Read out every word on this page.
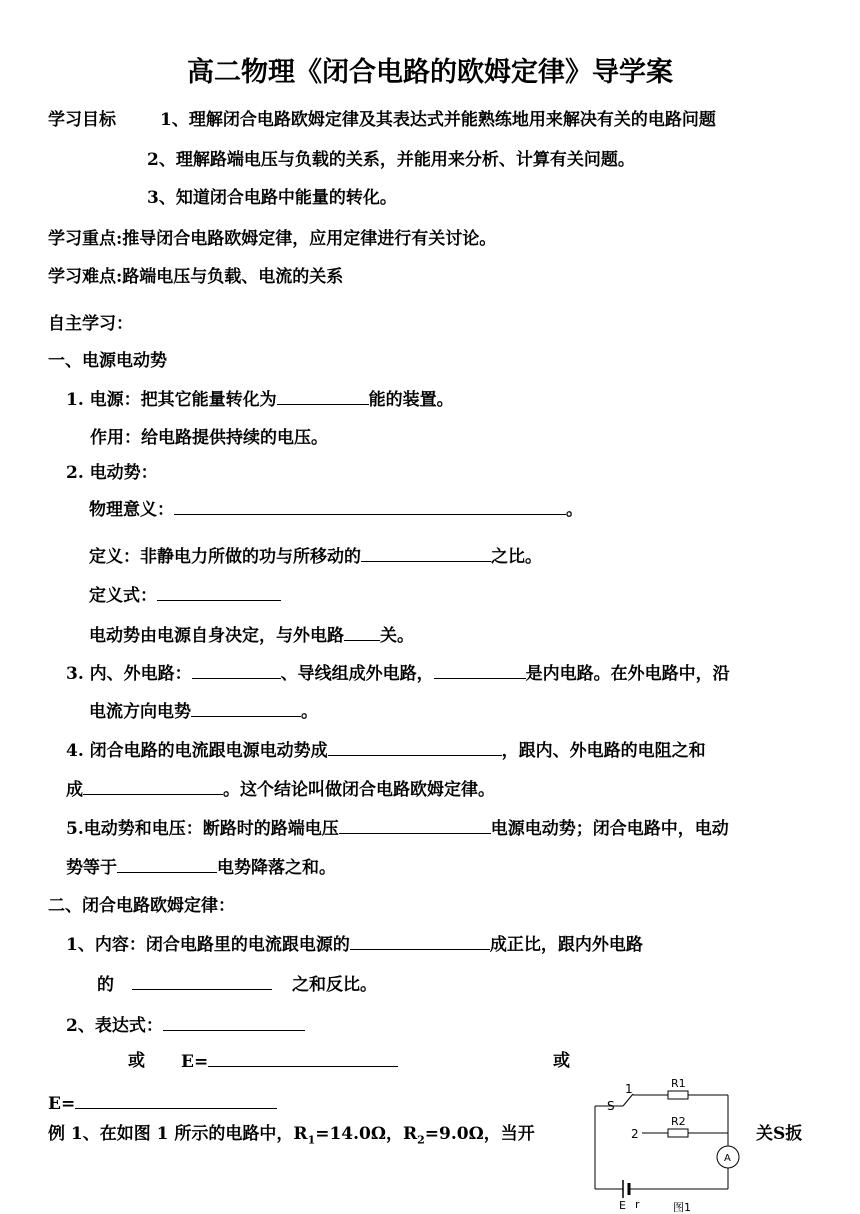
高二物理《闭合电路的欧姆定律》导学案
学习目标	1、理解闭合电路欧姆定律及其表达式并能熟练地用来解决有关的电路问题
2、理解路端电压与负载的关系，并能用来分析、计算有关问题。
3、知道闭合电路中能量的转化。
学习重点:推导闭合电路欧姆定律，应用定律进行有关讨论。
学习难点:路端电压与负载、电流的关系
自主学习：
一、电源电动势
1. 电源：把其它能量转化为	能的装置。
作用：给电路提供持续的电压。
2. 电动势：
物理意义：	。
定义：非静电力所做的功与所移动的	之比。
定义式：
电动势由电源自身决定，与外电路 关。
3. 内、外电路：	、导线组成外电路，	是内电路。在外电路中，沿
电流方向电势	。
4. 闭合电路的电流跟电源电动势成	，跟内、外电路的电阻之和
成	。这个结论叫做闭合电路欧姆定律。
5.电动势和电压：断路时的路端电压	电源电动势；闭合电路中，电动
势等于	电势降落之和。
二、闭合电路欧姆定律：
1、内容：闭合电路里的电流跟电源的	成正比，跟内外电路
的	之和反比。
2、表达式：
或 E=	或
E=
例 1、在如图 1 所示的电路中，$R_1=14.0\Omega$，$R_2=9.0\Omega$，当开	关S扳
S
1
2
R1
R2
A
E r	图1
